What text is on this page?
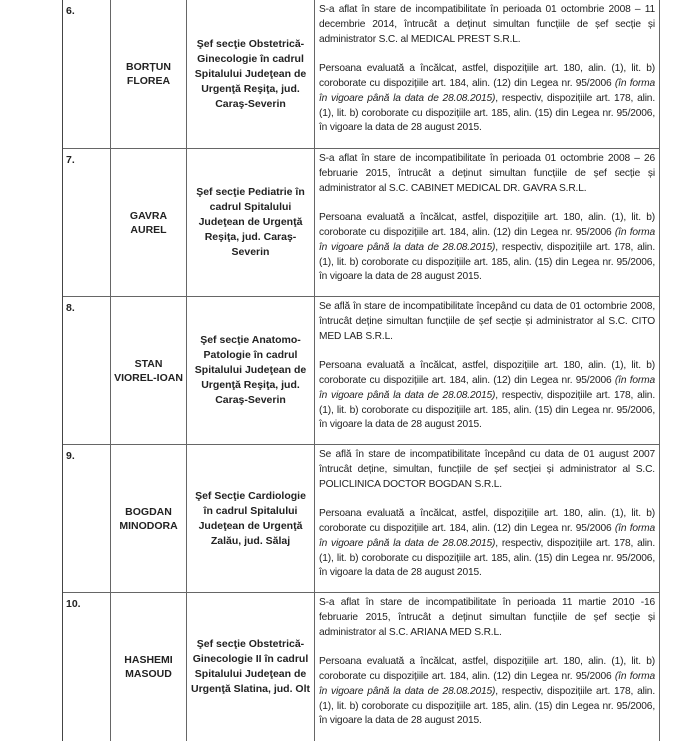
6.
BORȚUN
FLOREA
Şef secţie Obstetrică-Ginecologie în cadrul Spitalului Judeţean de Urgenţă Reşiţa, jud. Caraş-Severin

S-a aflat în stare de incompatibilitate în perioada 01 octombrie 2008 – 11 decembrie 2014, întrucât a deținut simultan funcțiile de șef secție și administrator S.C. al MEDICAL PREST S.R.L.

Persoana evaluată a încălcat, astfel, dispozițiile art. 180, alin. (1), lit. b) coroborate cu dispozițiile art. 184, alin. (12) din Legea nr. 95/2006 (în forma în vigoare până la data de 28.08.2015), respectiv, dispozițiile art. 178, alin. (1), lit. b) coroborate cu dispozițiile art. 185, alin. (15) din Legea nr. 95/2006, în vigoare la data de 28 august 2015.

7.
GAVRA AUREL
Şef secţie Pediatrie în cadrul Spitalului Judeţean de Urgenţă Reşiţa, jud. Caraş-Severin

S-a aflat în stare de incompatibilitate în perioada 01 octombrie 2008 – 26 februarie 2015, întrucât a deținut simultan funcțiile de șef secție și administrator al S.C. CABINET MEDICAL DR. GAVRA S.R.L.

Persoana evaluată a încălcat, astfel, dispozițiile art. 180, alin. (1), lit. b) coroborate cu dispozițiile art. 184, alin. (12) din Legea nr. 95/2006 (în forma în vigoare până la data de 28.08.2015), respectiv, dispozițiile art. 178, alin. (1), lit. b) coroborate cu dispozițiile art. 185, alin. (15) din Legea nr. 95/2006, în vigoare la data de 28 august 2015.

8.
STAN
VIOREL-IOAN
Şef secţie Anatomo-Patologie în cadrul Spitalului Judeţean de Urgenţă Reşiţa, jud. Caraş-Severin

Se află în stare de incompatibilitate începând cu data de 01 octombrie 2008, întrucât deține simultan funcțiile de șef secție și administrator al S.C. CITO MED LAB S.R.L.

Persoana evaluată a încălcat, astfel, dispozițiile art. 180, alin. (1), lit. b) coroborate cu dispozițiile art. 184, alin. (12) din Legea nr. 95/2006 (în forma în vigoare până la data de 28.08.2015), respectiv, dispozițiile art. 178, alin. (1), lit. b) coroborate cu dispozițiile art. 185, alin. (15) din Legea nr. 95/2006, în vigoare la data de 28 august 2015.

9.
BOGDAN
MINODORA
Şef Secţie Cardiologie în cadrul Spitalului Judeţean de Urgenţă Zalău, jud. Sălaj

Se află în stare de incompatibilitate începând cu data de 01 august 2007 întrucât deține, simultan, funcțiile de șef secției și administrator al S.C. POLICLINICA DOCTOR BOGDAN S.R.L.

Persoana evaluată a încălcat, astfel, dispozițiile art. 180, alin. (1), lit. b) coroborate cu dispozițiile art. 184, alin. (12) din Legea nr. 95/2006 (în forma în vigoare până la data de 28.08.2015), respectiv, dispozițiile art. 178, alin. (1), lit. b) coroborate cu dispozițiile art. 185, alin. (15) din Legea nr. 95/2006, în vigoare la data de 28 august 2015.

10.
HASHEMI
MASOUD
Şef secţie Obstetrică-Ginecologie II în cadrul Spitalului Judeţean de Urgenţă Slatina, jud. Olt

S-a aflat în stare de incompatibilitate în perioada 11 martie 2010 -16 februarie 2015, întrucât a deținut simultan funcțiile de șef secție și administrator al S.C. ARIANA MED S.R.L.

Persoana evaluată a încălcat, astfel, dispozițiile art. 180, alin. (1), lit. b) coroborate cu dispozițiile art. 184, alin. (12) din Legea nr. 95/2006 (în forma în vigoare până la data de 28.08.2015), respectiv, dispozițiile art. 178, alin. (1), lit. b) coroborate cu dispozițiile art. 185, alin. (15) din Legea nr. 95/2006, în vigoare la data de 28 august 2015.
